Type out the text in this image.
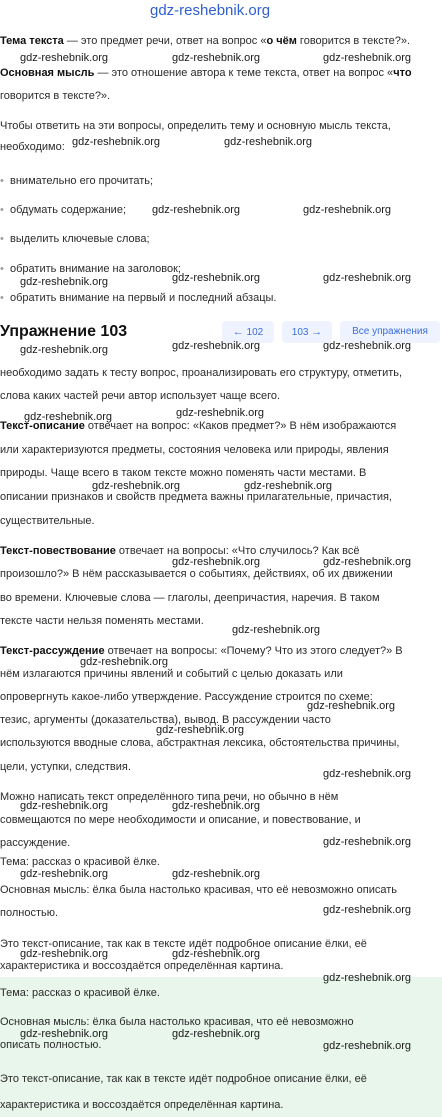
gdz-reshebnik.org

Тема текста — это предмет речи, ответ на вопрос «о чём говорится в тексте?».

Основная мысль — это отношение автора к теме текста, ответ на вопрос «что

говорится в тексте?».

Чтобы ответить на эти вопросы, определить тему и основную мысль текста,

необходимо:

• внимательно его прочитать;
• обдумать содержание;
• выделить ключевые слова;
• обратить внимание на заголовок;
• обратить внимание на первый и последний абзацы.
Упражнение 103	← 102	103 →	Все упражнения

необходимо задать к тесту вопрос, проанализировать его структуру, отметить,

слова каких частей речи автор использует чаще всего.

Текст-описание отвечает на вопрос: «Каков предмет?» В нём изображаются

или характеризуются предметы, состояния человека или природы, явления

природы. Чаще всего в таком тексте можно поменять части местами. В

описании признаков и свойств предмета важны прилагательные, причастия,

существительные.

Текст-повествование отвечает на вопросы: «Что случилось? Как всё

произошло?» В нём рассказывается о событиях, действиях, об их движении

во времени. Ключевые слова — глаголы, деепричастия, наречия. В таком

тексте части нельзя поменять местами.

Текст-рассуждение отвечает на вопросы: «Почему? Что из этого следует?» В

нём излагаются причины явлений и событий с целью доказать или

опровергнуть какое-либо утверждение. Рассуждение строится по схеме:

тезис, аргументы (доказательства), вывод. В рассуждении часто

используются вводные слова, абстрактная лексика, обстоятельства причины,

цели, уступки, следствия.

Можно написать текст определённого типа речи, но обычно в нём

совмещаются по мере необходимости и описание, и повествование, и

рассуждение.

Тема: рассказ о красивой ёлке.

Основная мысль: ёлка была настолько красивая, что её невозможно описать

полностью.

Это текст-описание, так как в тексте идёт подробное описание ёлки, её

характеристика и воссоздаётся определённая картина.

Тема: рассказ о красивой ёлке.

Основная мысль: ёлка была настолько красивая, что её невозможно

описать полностью.

Это текст-описание, так как в тексте идёт подробное описание ёлки, её

характеристика и воссоздаётся определённая картина.

gdz-reshebnik.org	gdz-reshebnik.org	gdz-reshebnik.org
gdz-reshebnik.org	gdz-reshebnik.org
gdz-reshebnik.org	gdz-reshebnik.org
gdz-reshebnik.org	gdz-reshebnik.org	gdz-reshebnik.org
gdz-reshebnik.org	gdz-reshebnik.org	gdz-reshebnik.org
gdz-reshebnik.org	gdz-reshebnik.org
gdz-reshebnik.org	gdz-reshebnik.org
gdz-reshebnik.org	gdz-reshebnik.org
gdz-reshebnik.org
gdz-reshebnik.org
gdz-reshebnik.org
gdz-reshebnik.org
gdz-reshebnik.org
gdz-reshebnik.org	gdz-reshebnik.org
gdz-reshebnik.org
gdz-reshebnik.org	gdz-reshebnik.org
gdz-reshebnik.org
gdz-reshebnik.org	gdz-reshebnik.org
gdz-reshebnik.org
gdz-reshebnik.org	gdz-reshebnik.org
gdz-reshebnik.org
